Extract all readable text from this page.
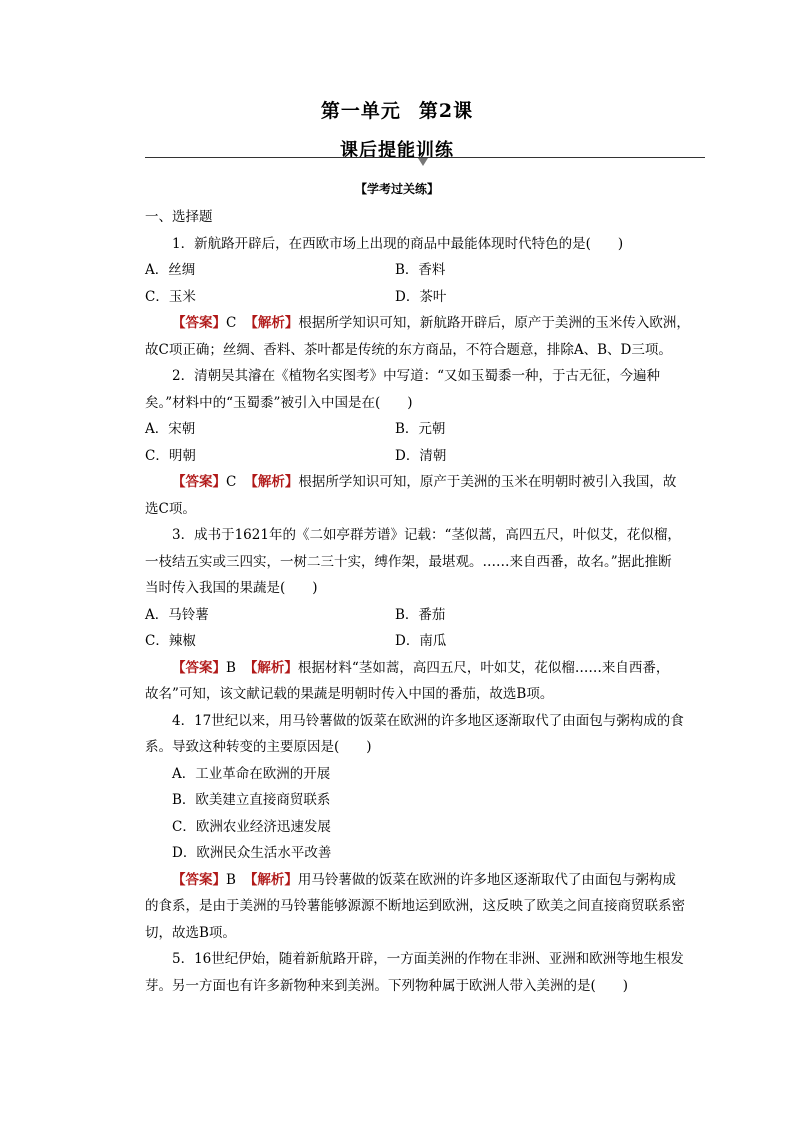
第一单元 第2课
课后提能训练
【学考过关练】
一、选择题
1．新航路开辟后，在西欧市场上出现的商品中最能体现时代特色的是(　　)
A．丝绸	B．香料
C．玉米	D．茶叶
【答案】C 【解析】根据所学知识可知，新航路开辟后，原产于美洲的玉米传入欧洲，
故C项正确；丝绸、香料、茶叶都是传统的东方商品，不符合题意，排除A、B、D三项。
2．清朝吴其濬在《植物名实图考》中写道：“又如玉蜀黍一种，于古无征，今遍种
矣。”材料中的“玉蜀黍”被引入中国是在(　　)
A．宋朝	B．元朝
C．明朝	D．清朝
【答案】C 【解析】根据所学知识可知，原产于美洲的玉米在明朝时被引入我国，故
选C项。
3．成书于1621年的《二如亭群芳谱》记载：“茎似蒿，高四五尺，叶似艾，花似榴，
一枝结五实或三四实，一树二三十实，缚作架，最堪观。……来自西番，故名。”据此推断
当时传入我国的果蔬是(　　)
A．马铃薯	B．番茄
C．辣椒	D．南瓜
【答案】B 【解析】根据材料“茎如蒿，高四五尺，叶如艾，花似榴……来自西番，
故名”可知，该文献记载的果蔬是明朝时传入中国的番茄，故选B项。
4．17世纪以来，用马铃薯做的饭菜在欧洲的许多地区逐渐取代了由面包与粥构成的食
系。导致这种转变的主要原因是(　　)
A．工业革命在欧洲的开展
B．欧美建立直接商贸联系
C．欧洲农业经济迅速发展
D．欧洲民众生活水平改善
【答案】B 【解析】用马铃薯做的饭菜在欧洲的许多地区逐渐取代了由面包与粥构成
的食系，是由于美洲的马铃薯能够源源不断地运到欧洲，这反映了欧美之间直接商贸联系密
切，故选B项。
5．16世纪伊始，随着新航路开辟，一方面美洲的作物在非洲、亚洲和欧洲等地生根发
芽。另一方面也有许多新物种来到美洲。下列物种属于欧洲人带入美洲的是(　　)
